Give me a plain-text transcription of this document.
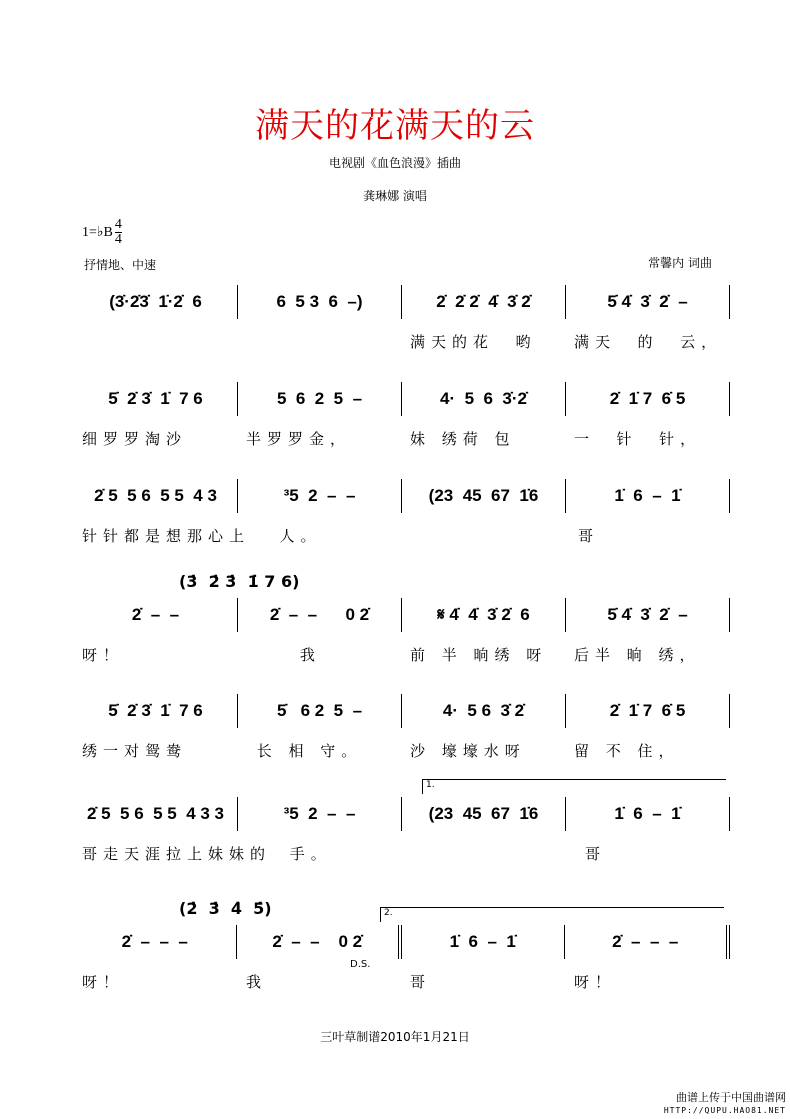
满天的花满天的云
电视剧《血色浪漫》插曲
龚琳娜 演唱
1= ♭B $\frac{4}{4}$
抒情地、中速	常馨内 词曲
(3̇·2̇3̇  1̇·2̇  6	6  5 3  6  –)	2̇  2̇ 2̇  4̇  3̇ 2̇	5̇ 4̇  3̇  2̇  –
满天的花  哟	满天  的  云，
5̇  2̇ 3̇  1̇  7 6	5  6  2  5  –	4·  5  6  3̇·2̇	2̇  1̇ 7  6̇ 5
细罗罗淘沙	半罗罗金，	妹 绣荷 包	一  针  针，
2̇ 5  5 6  5 5  4 3	³5  2  –  –	(23  45  67  1̇6	1̇  6  –  1̇
针针都是想那心上 人。	哥
(3̇  2̇ 3̇  1̇ 7 6)
2̇  –  –	2̇  –  –      0 2̇	𝄋 4̇  4̇  3̇ 2̇  6	5̇ 4̇  3̇  2̇  –
呀！	我	前 半 晌绣 呀	后半 晌 绣，
5̇  2̇ 3̇  1̇  7 6	5̇   6 2  5  –	4·  5 6  3̇ 2̇	2̇  1̇ 7  6̇ 5
绣一对鸳鸯	长 相 守。	沙 壕壕水呀	留 不 住，
1.
2̇ 5  5 6  5 5  4 3 3	³5  2  –  –	(23  45  67  1̇6	1̇  6  –  1̇
哥走天涯拉上妹妹的 手。	哥
(2̇  3̇  4̇  5̇)	2.
D.S.
2̇  –  –  –	2̇  –  –    0 2̇	1̇  6  –  1̇	2̇  –  –  –
呀！	我	哥	呀！
三叶草制谱2010年1月21日
曲谱上传于中国曲谱网
HTTP://QUPU.HAO81.NET
